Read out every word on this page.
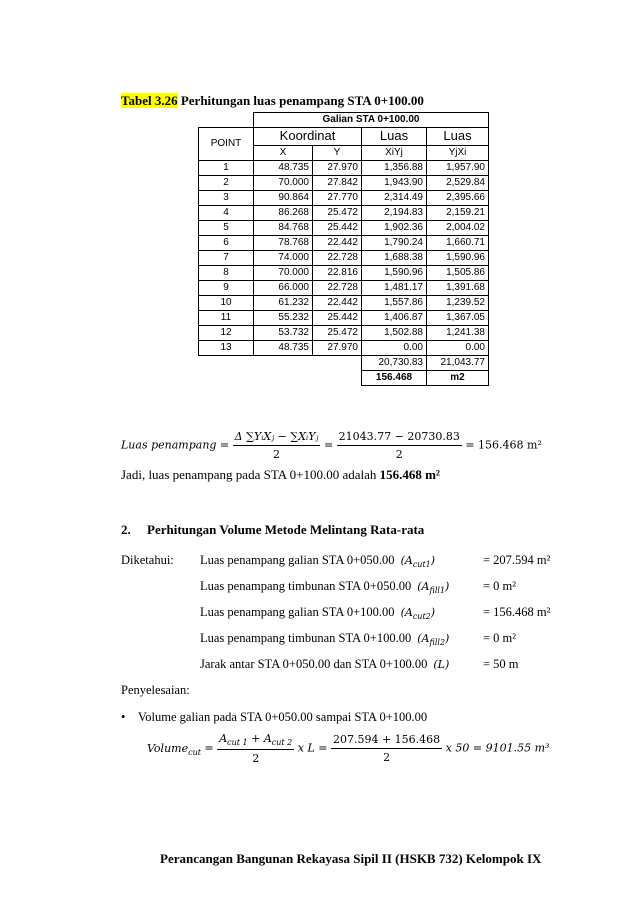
Tabel 3.26 Perhitungan luas penampang STA 0+100.00
	Galian STA 0+100.00			
POINT	Koordinat		Luas	Luas
	X	Y	XiYj	YjXi
1	48.735	27.970	1,356.88	1,957.90
2	70.000	27.842	1,943.90	2,529.84
3	90.864	27.770	2,314.49	2,395.66
4	86.268	25.472	2,194.83	2,159.21
5	84.768	25.442	1,902.36	2,004.02
6	78.768	22.442	1,790.24	1,660.71
7	74.000	22.728	1,688.38	1,590.96
8	70.000	22.816	1,590.96	1,505.86
9	66.000	22.728	1,481.17	1,391.68
10	61.232	22.442	1,557.86	1,239.52
11	55.232	25.442	1,406.87	1,367.05
12	53.732	25.472	1,502.88	1,241.38
13	48.735	27.970	0.00	0.00
			20,730.83	21,043.77
			156.468	m2
Luas penampang = $\frac{\text{Δ ∑YᵢXⱼ − ∑XᵢYⱼ}}{2} = \frac{21043.77 - 20730.83}{2} = 156.468$ m²
Jadi, luas penampang pada STA 0+100.00 adalah 156.468 m²
2. Perhitungan Volume Metode Melintang Rata-rata
Diketahui: Luas penampang galian STA 0+050.00 $(A_{cut1})$	= 207.594 m²
Luas penampang timbunan STA 0+050.00 $(A_{fill1})$	= 0 m²
Luas penampang galian STA 0+100.00 $(A_{cut2})$	= 156.468 m²
Luas penampang timbunan STA 0+100.00 $(A_{fill2})$	= 0 m²
Jarak antar STA 0+050.00 dan STA 0+100.00 (L)	= 50 m
Penyelesaian:
• Volume galian pada STA 0+050.00 sampai STA 0+100.00
Volume$_{cut}$ = $\frac{A_{cut 1} + A_{cut 2}}{2}$ x $L = \frac{207.594 + 156.468}{2}$ x 50 = 9101.55 m³
Perancangan Bangunan Rekayasa Sipil II (HSKB 732) Kelompok IX
